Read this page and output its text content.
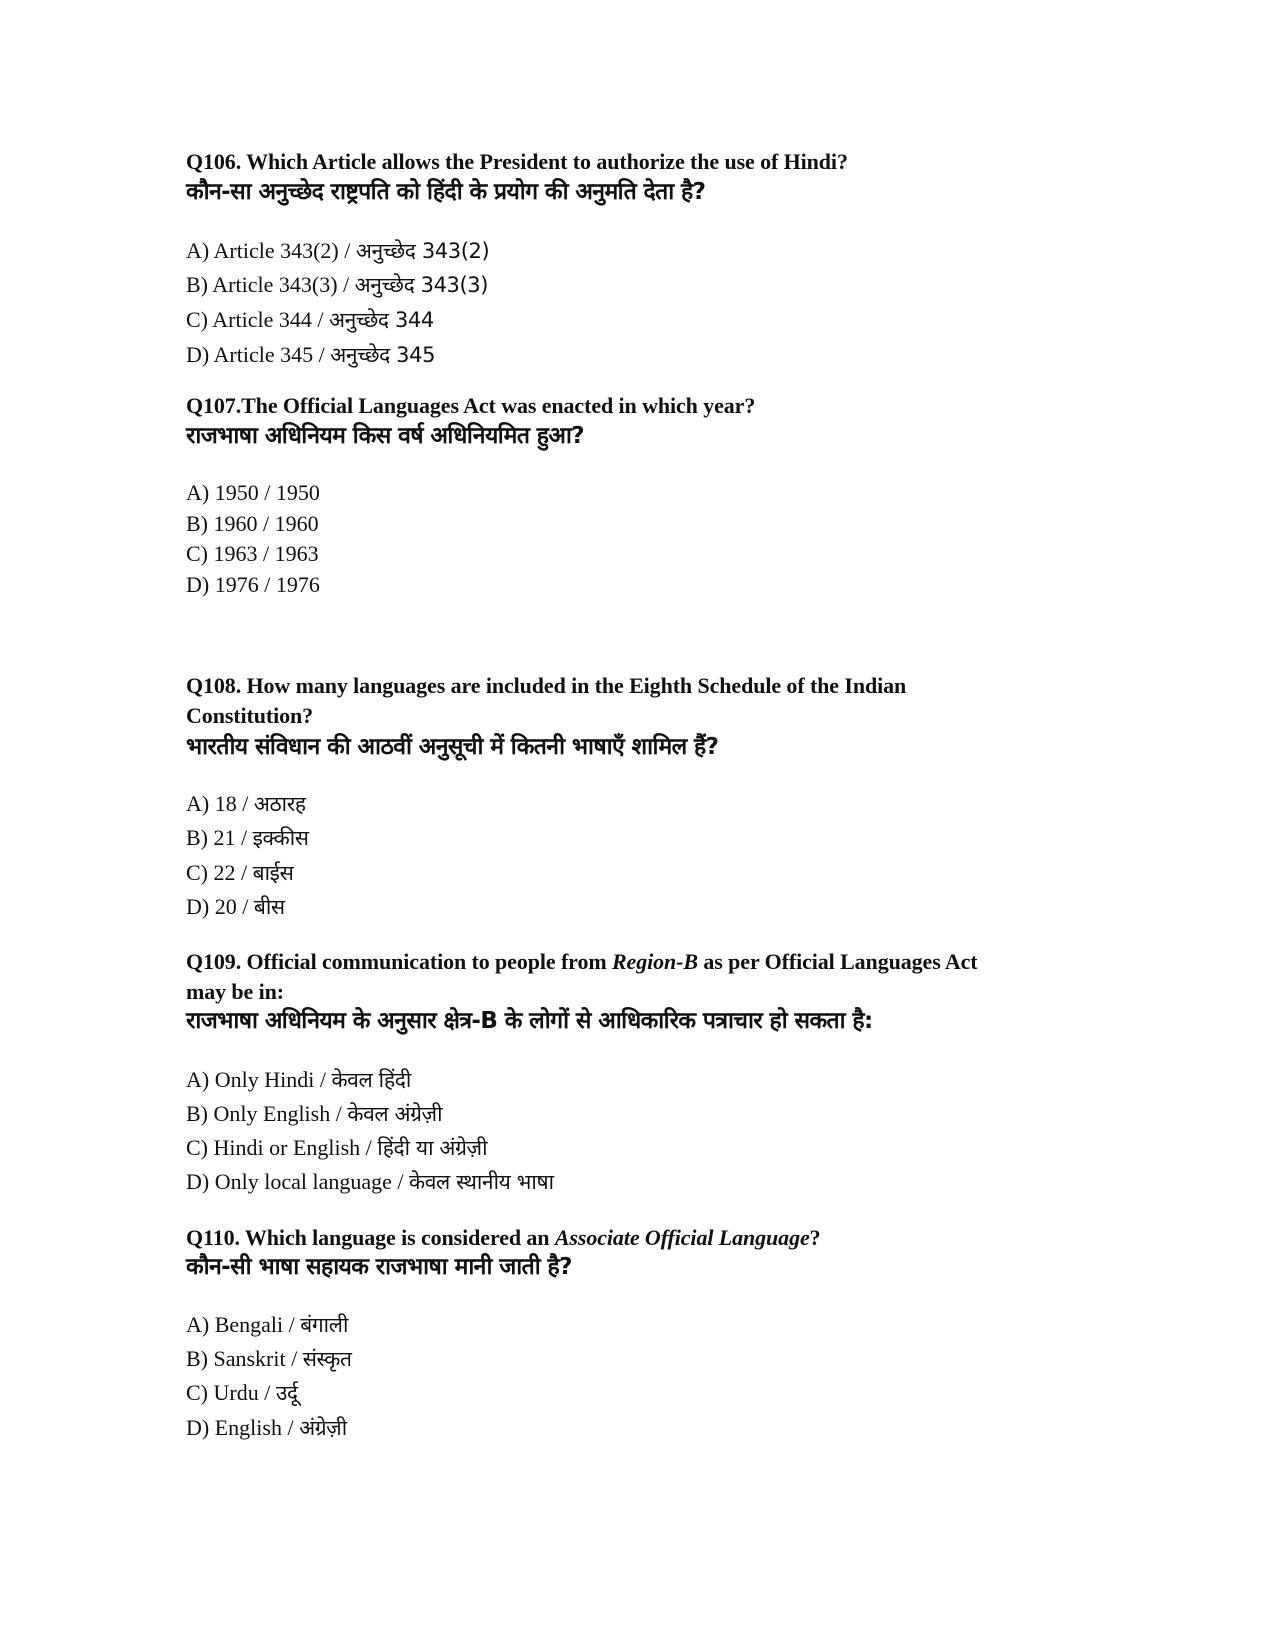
Q106. Which Article allows the President to authorize the use of Hindi?
कौन-सा अनुच्छेद राष्ट्रपति को हिंदी के प्रयोग की अनुमति देता है?
A) Article 343(2) / अनुच्छेद 343(2)
B) Article 343(3) / अनुच्छेद 343(3)
C) Article 344 / अनुच्छेद 344
D) Article 345 / अनुच्छेद 345
Q107.The Official Languages Act was enacted in which year?
राजभाषा अधिनियम किस वर्ष अधिनियमित हुआ?
A) 1950 / 1950
B) 1960 / 1960
C) 1963 / 1963
D) 1976 / 1976
Q108. How many languages are included in the Eighth Schedule of the Indian
Constitution?
भारतीय संविधान की आठवीं अनुसूची में कितनी भाषाएँ शामिल हैं?
A) 18 / अठारह
B) 21 / इक्कीस
C) 22 / बाईस
D) 20 / बीस
Q109. Official communication to people from Region-B as per Official Languages Act
may be in:
राजभाषा अधिनियम के अनुसार क्षेत्र-B के लोगों से आधिकारिक पत्राचार हो सकता है:
A) Only Hindi / केवल हिंदी
B) Only English / केवल अंग्रेज़ी
C) Hindi or English / हिंदी या अंग्रेज़ी
D) Only local language / केवल स्थानीय भाषा
Q110. Which language is considered an Associate Official Language?
कौन-सी भाषा सहायक राजभाषा मानी जाती है?
A) Bengali / बंगाली
B) Sanskrit / संस्कृत
C) Urdu / उर्दू
D) English / अंग्रेज़ी
